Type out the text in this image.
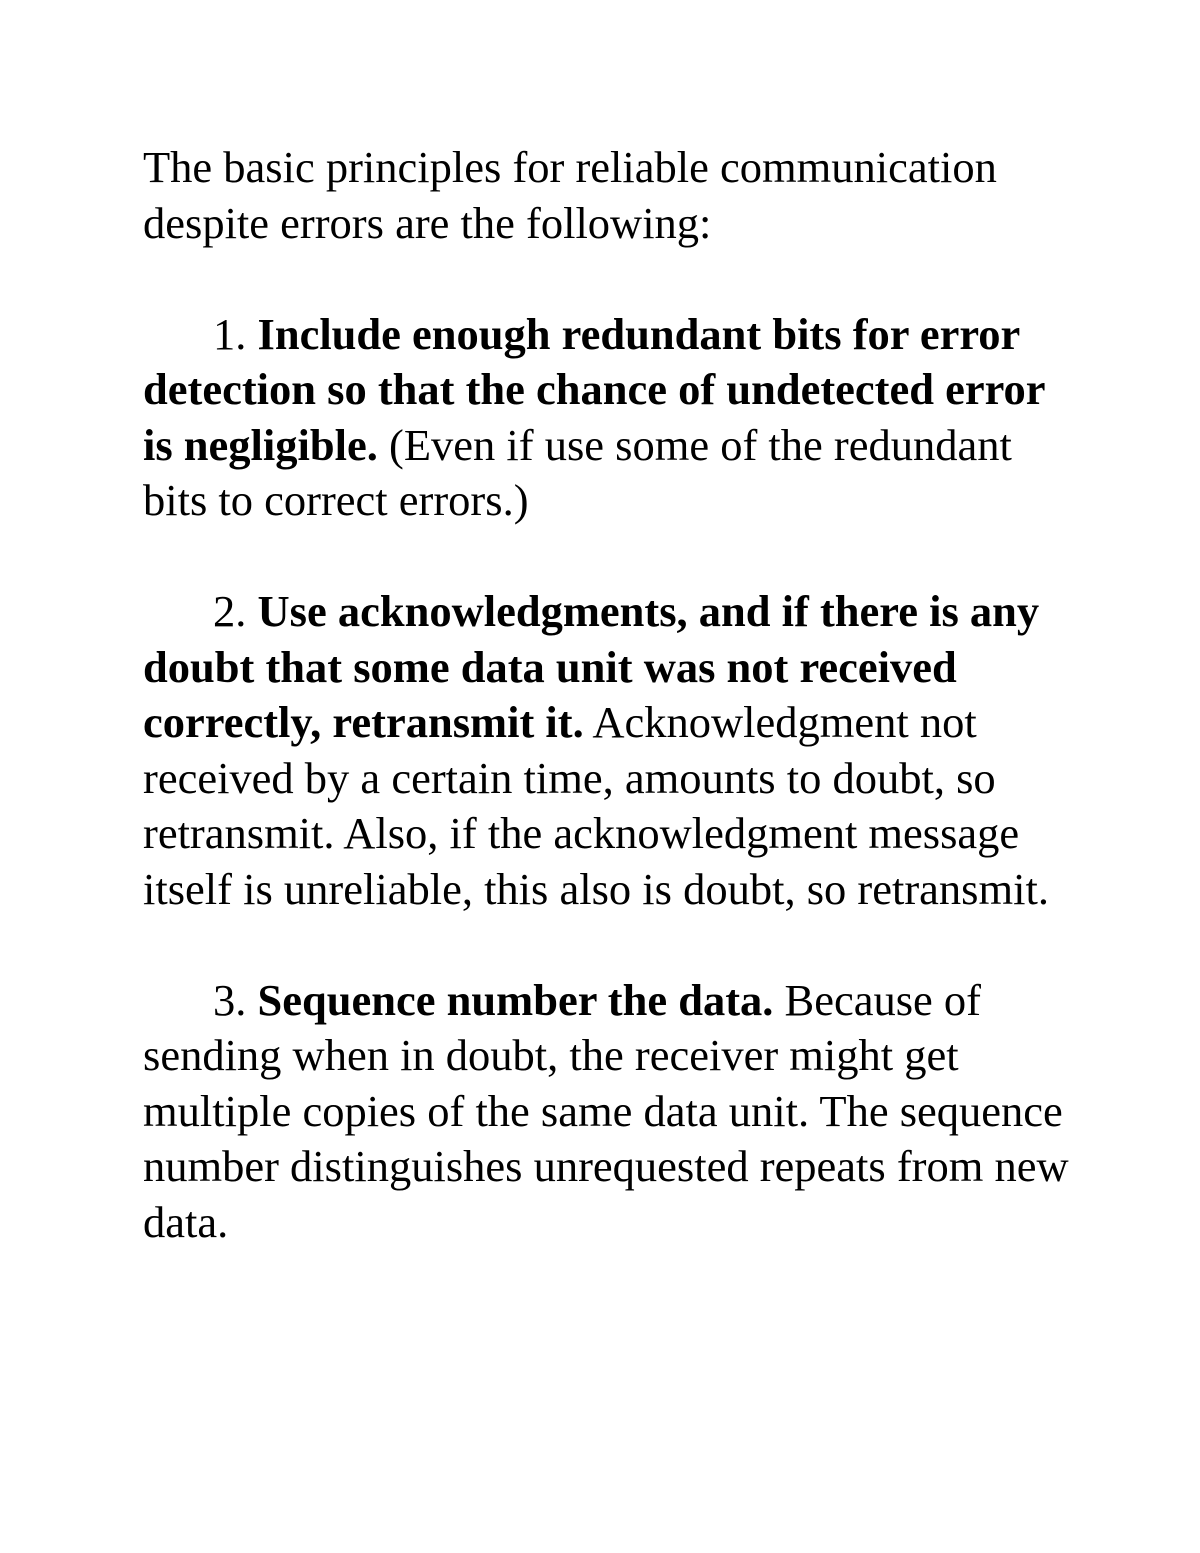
The basic principles for reliable communication despite errors are the following:

1. Include enough redundant bits for error detection so that the chance of undetected error is negligible. (Even if use some of the redundant bits to correct errors.)

2. Use acknowledgments, and if there is any doubt that some data unit was not received correctly, retransmit it. Acknowledgment not received by a certain time, amounts to doubt, so retransmit. Also, if the acknowledgment message itself is unreliable, this also is doubt, so retransmit.

3. Sequence number the data. Because of sending when in doubt, the receiver might get multiple copies of the same data unit. The sequence number distinguishes unrequested repeats from new data.
